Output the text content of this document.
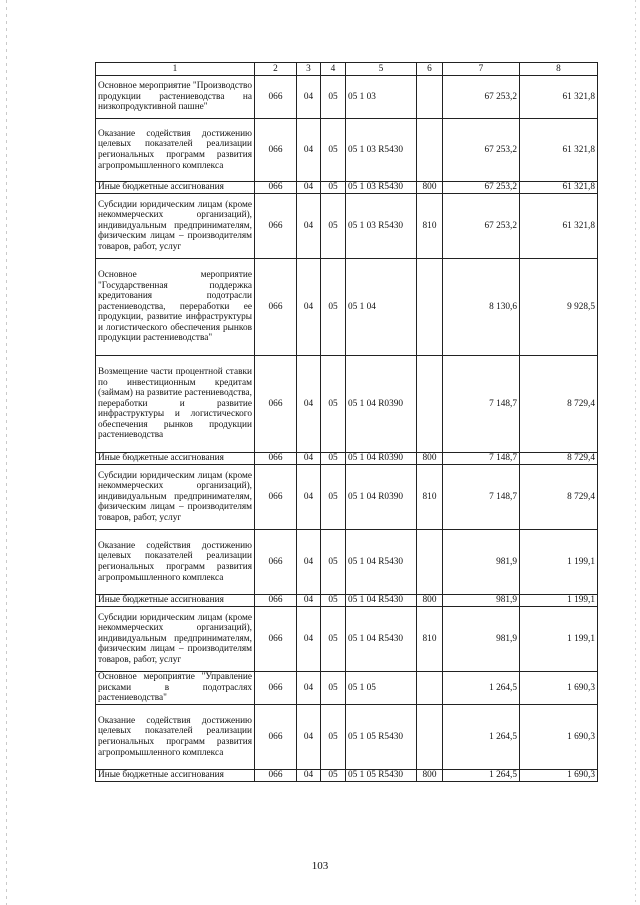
1	2	3	4	5	6	7	8
Основное мероприятие "Производство продукции растениеводства на низкопродуктивной пашне"	066	04	05	05 1 03		67 253,2	61 321,8
Оказание содействия достижению целевых показателей реализации региональных программ развития агропромышленного комплекса	066	04	05	05 1 03 R5430		67 253,2	61 321,8
Иные бюджетные ассигнования	066	04	05	05 1 03 R5430	800	67 253,2	61 321,8
Субсидии юридическим лицам (кроме некоммерческих организаций), индивидуальным предпринимателям, физическим лицам – производителям товаров, работ, услуг	066	04	05	05 1 03 R5430	810	67 253,2	61 321,8
Основное мероприятие "Государственная поддержка кредитования подотрасли растениеводства, переработки ее продукции, развитие инфраструктуры и логистического обеспечения рынков продукции растениеводства"	066	04	05	05 1 04		8 130,6	9 928,5
Возмещение части процентной ставки по инвестиционным кредитам (займам) на развитие растениеводства, переработки и развитие инфраструктуры и логистического обеспечения рынков продукции растениеводства	066	04	05	05 1 04 R0390		7 148,7	8 729,4
Иные бюджетные ассигнования	066	04	05	05 1 04 R0390	800	7 148,7	8 729,4
Субсидии юридическим лицам (кроме некоммерческих организаций), индивидуальным предпринимателям, физическим лицам – производителям товаров, работ, услуг	066	04	05	05 1 04 R0390	810	7 148,7	8 729,4
Оказание содействия достижению целевых показателей реализации региональных программ развития агропромышленного комплекса	066	04	05	05 1 04 R5430		981,9	1 199,1
Иные бюджетные ассигнования	066	04	05	05 1 04 R5430	800	981,9	1 199,1
Субсидии юридическим лицам (кроме некоммерческих организаций), индивидуальным предпринимателям, физическим лицам – производителям товаров, работ, услуг	066	04	05	05 1 04 R5430	810	981,9	1 199,1
Основное мероприятие "Управление рисками в подотраслях растениеводства"	066	04	05	05 1 05		1 264,5	1 690,3
Оказание содействия достижению целевых показателей реализации региональных программ развития агропромышленного комплекса	066	04	05	05 1 05 R5430		1 264,5	1 690,3
Иные бюджетные ассигнования	066	04	05	05 1 05 R5430	800	1 264,5	1 690,3
103
